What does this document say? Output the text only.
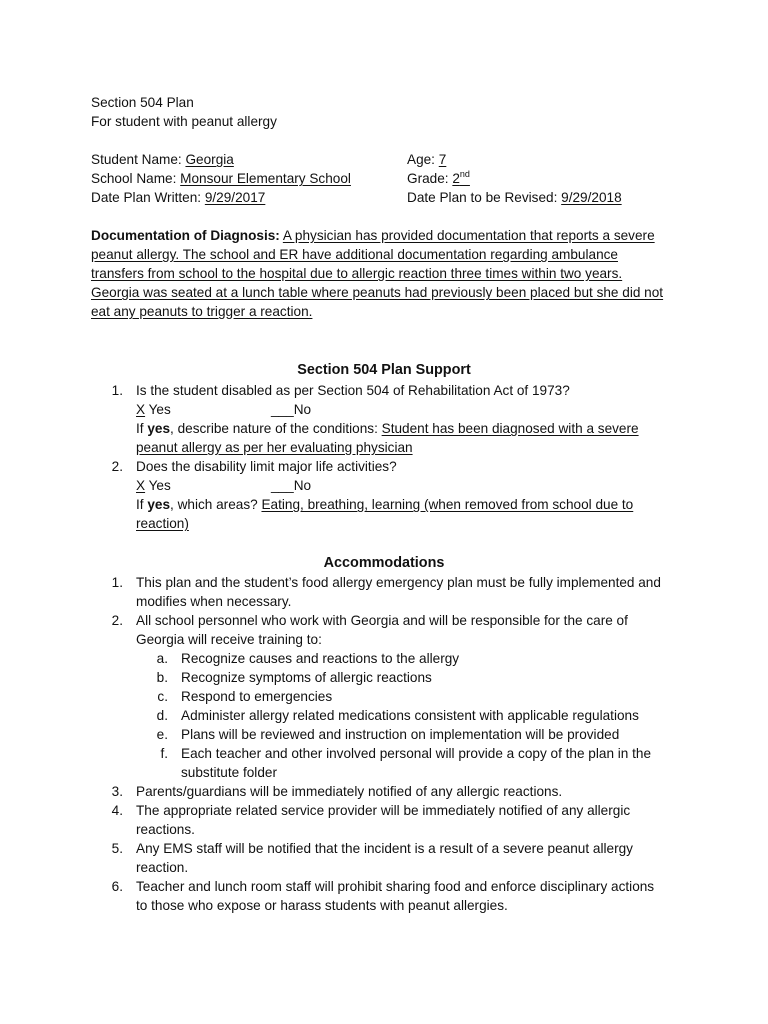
Section 504 Plan
For student with peanut allergy
Student Name: Georgia
School Name: Monsour Elementary School
Date Plan Written: 9/29/2017
Age: 7
Grade: 2nd
Date Plan to be Revised: 9/29/2018
Documentation of Diagnosis: A physician has provided documentation that reports a severe
peanut allergy. The school and ER have additional documentation regarding ambulance
transfers from school to the hospital due to allergic reaction three times within two years.
Georgia was seated at a lunch table where peanuts had previously been placed but she did not
eat any peanuts to trigger a reaction.
Section 504 Plan Support
1. Is the student disabled as per Section 504 of Rehabilitation Act of 1973?
X Yes	___No
If yes, describe nature of the conditions: Student has been diagnosed with a severe
peanut allergy as per her evaluating physician
2. Does the disability limit major life activities?
X Yes	___No
If yes, which areas? Eating, breathing, learning (when removed from school due to
reaction)
Accommodations
1. This plan and the student’s food allergy emergency plan must be fully implemented and
modifies when necessary.
2. All school personnel who work with Georgia and will be responsible for the care of
Georgia will receive training to:
a. Recognize causes and reactions to the allergy
b. Recognize symptoms of allergic reactions
c. Respond to emergencies
d. Administer allergy related medications consistent with applicable regulations
e. Plans will be reviewed and instruction on implementation will be provided
f. Each teacher and other involved personal will provide a copy of the plan in the
substitute folder
3. Parents/guardians will be immediately notified of any allergic reactions.
4. The appropriate related service provider will be immediately notified of any allergic
reactions.
5. Any EMS staff will be notified that the incident is a result of a severe peanut allergy
reaction.
6. Teacher and lunch room staff will prohibit sharing food and enforce disciplinary actions
to those who expose or harass students with peanut allergies.
